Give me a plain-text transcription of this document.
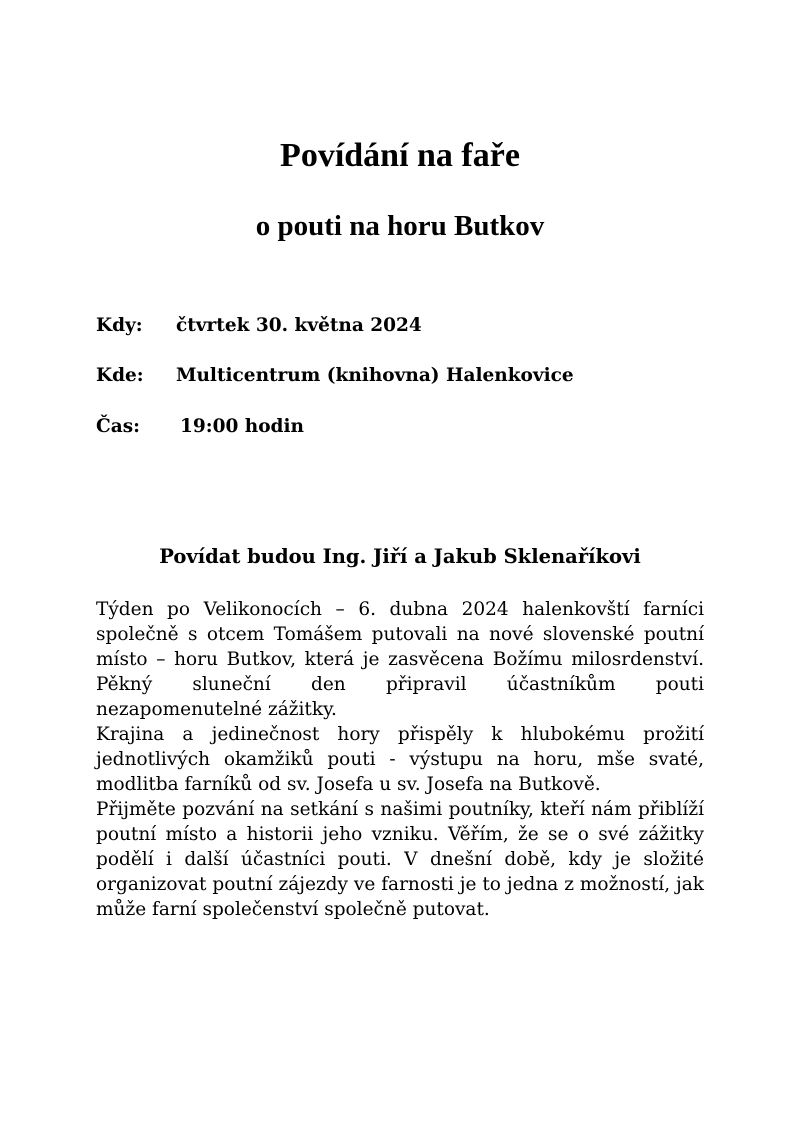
Povídání na faře
o pouti na horu Butkov
Kdy: čtvrtek 30. května 2024
Kde: Multicentrum (knihovna) Halenkovice
Čas: 19:00 hodin
Povídat budou Ing. Jiří a Jakub Sklenaříkovi

Týden po Velikonocích – 6. dubna 2024 halenkovští farníci společně s otcem Tomášem putovali na nové slovenské poutní místo – horu Butkov, která je zasvěcena Božímu milosrdenství. Pěkný sluneční den připravil účastníkům pouti nezapomenutelné zážitky.

Krajina a jedinečnost hory přispěly k hlubokému prožití jednotlivých okamžiků pouti - výstupu na horu, mše svaté, modlitba farníků od sv. Josefa u sv. Josefa na Butkově.

Přijměte pozvání na setkání s našimi poutníky, kteří nám přiblíží poutní místo a historii jeho vzniku. Věřím, že se o své zážitky podělí i další účastníci pouti. V dnešní době, kdy je složité organizovat poutní zájezdy ve farnosti je to jedna z možností, jak může farní společenství společně putovat.
